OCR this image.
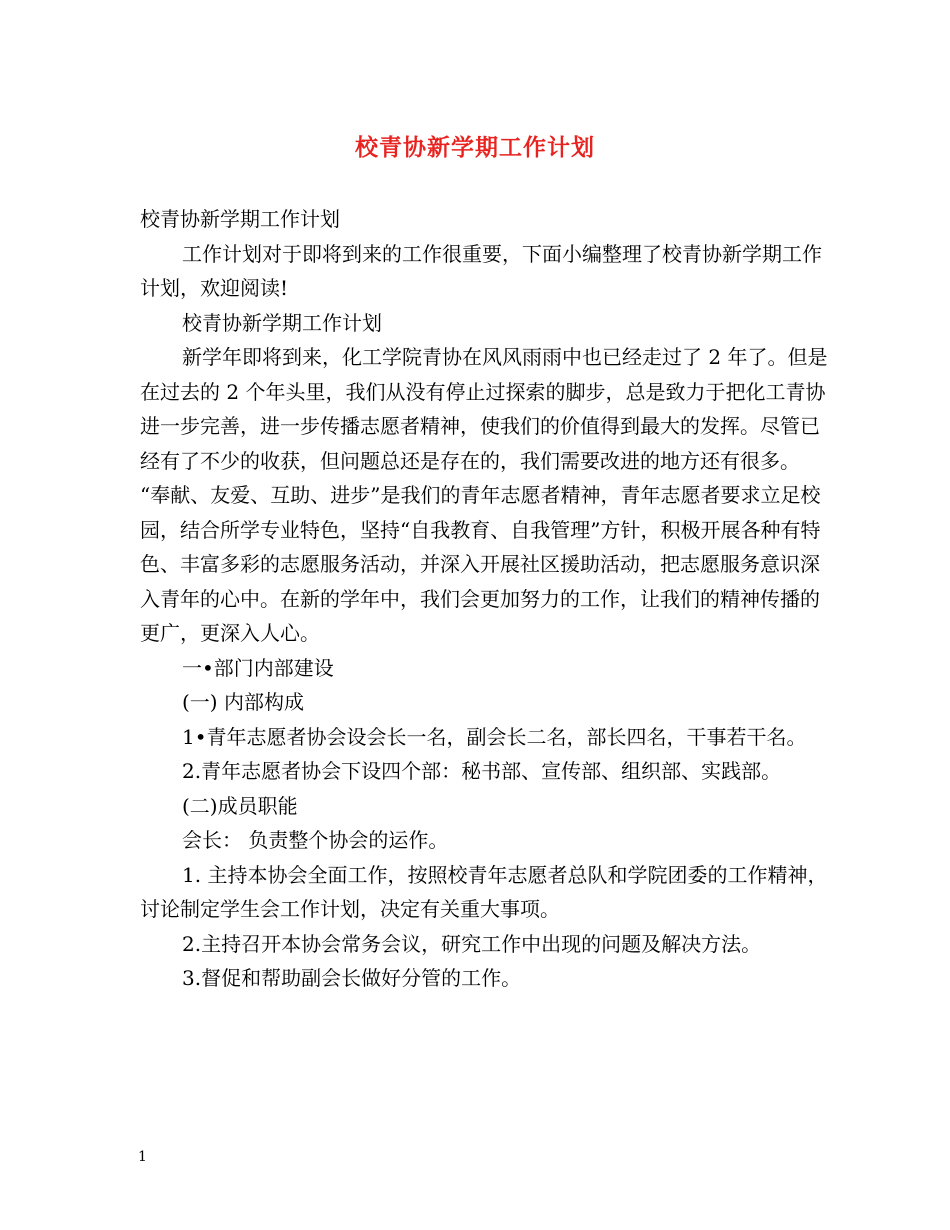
校青协新学期工作计划

校青协新学期工作计划

工作计划对于即将到来的工作很重要，下面小编整理了校青协新学期工作计划，欢迎阅读!

校青协新学期工作计划

新学年即将到来，化工学院青协在风风雨雨中也已经走过了 2 年了。但是在过去的 2 个年头里，我们从没有停止过探索的脚步，总是致力于把化工青协进一步完善，进一步传播志愿者精神，使我们的价值得到最大的发挥。尽管已经有了不少的收获，但问题总还是存在的，我们需要改进的地方还有很多。 “奉献、友爱、互助、进步”是我们的青年志愿者精神，青年志愿者要求立足校园，结合所学专业特色，坚持“自我教育、自我管理”方针，积极开展各种有特色、丰富多彩的志愿服务活动，并深入开展社区援助活动，把志愿服务意识深入青年的心中。在新的学年中，我们会更加努力的工作，让我们的精神传播的更广，更深入人心。

一•部门内部建设

(一) 内部构成

1•青年志愿者协会设会长一名，副会长二名，部长四名，干事若干名。

2.青年志愿者协会下设四个部：秘书部、宣传部、组织部、实践部。

(二)成员职能

会长： 负责整个协会的运作。

1. 主持本协会全面工作，按照校青年志愿者总队和学院团委的工作精神，讨论制定学生会工作计划，决定有关重大事项。

2.主持召开本协会常务会议，研究工作中出现的问题及解决方法。

3.督促和帮助副会长做好分管的工作。

1
